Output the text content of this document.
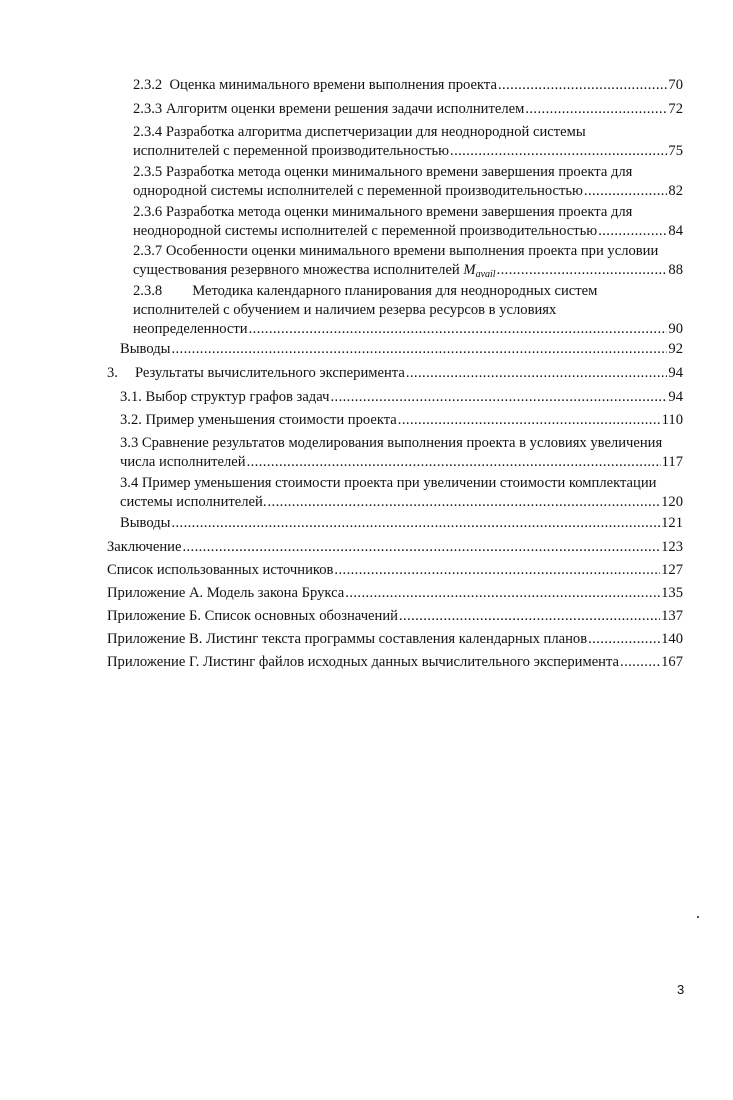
2.3.2 Оценка минимального времени выполнения проекта .....	70
2.3.3 Алгоритм оценки времени решения задачи исполнителем .....	72
2.3.4 Разработка алгоритма диспетчеризации для неоднородной системы
исполнителей с переменной производительностью .....	75
2.3.5 Разработка метода оценки минимального времени завершения проекта для
однородной системы исполнителей с переменной производительностью .....	82
2.3.6 Разработка метода оценки минимального времени завершения проекта для
неоднородной системы исполнителей с переменной производительностью .....	84
2.3.7 Особенности оценки минимального времени выполнения проекта при условии
существования резервного множества исполнителей $M_{avail}$ .....	88
2.3.8 Методика календарного планирования для неоднородных систем
исполнителей с обучением и наличием резерва ресурсов в условиях
неопределенности .....	90
Выводы .....	92
3. Результаты вычислительного эксперимента .....	94
3.1. Выбор структур графов задач .....	94
3.2. Пример уменьшения стоимости проекта .....	110
3.3 Сравнение результатов моделирования выполнения проекта в условиях увеличения
числа исполнителей .....	117
3.4 Пример уменьшения стоимости проекта при увеличении стоимости комплектации
системы исполнителей. .....	120
Выводы .....	121
Заключение .....	123
Список использованных источников .....	127
Приложение А. Модель закона Брукса .....	135
Приложение Б. Список основных обозначений .....	137
Приложение В. Листинг текста программы составления календарных планов .....	140
Приложение Г. Листинг файлов исходных данных вычислительного эксперимента .....	167
3
